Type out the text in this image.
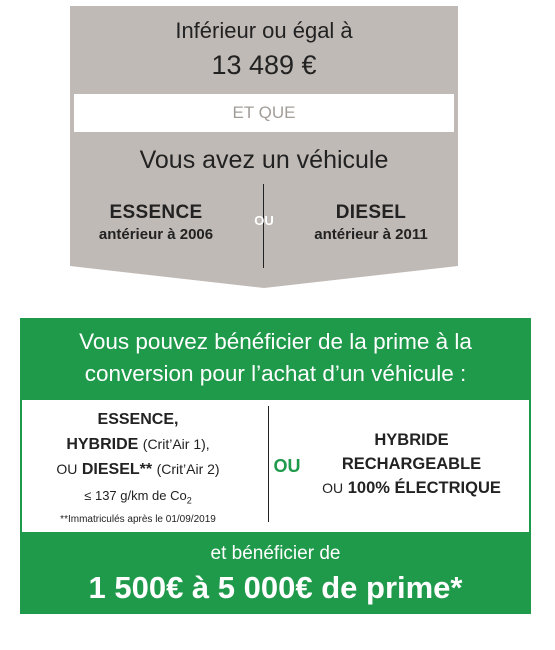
Inférieur ou égal à
13 489 €
ET QUE
Vous avez un véhicule
ESSENCE
antérieur à 2006
OU	DIESEL
antérieur à 2011
Vous pouvez bénéficier de la prime à la
conversion pour l’achat d’un véhicule :
ESSENCE,
HYBRIDE (Crit’Air 1),
OU DIESEL** (Crit’Air 2)
≤ 137 g/km de $Co_2$
**Immatriculés après le 01/09/2019
OU
HYBRIDE
RECHARGEABLE
OU 100% ÉLECTRIQUE
et bénéficier de
1 500€ à 5 000€ de prime*
